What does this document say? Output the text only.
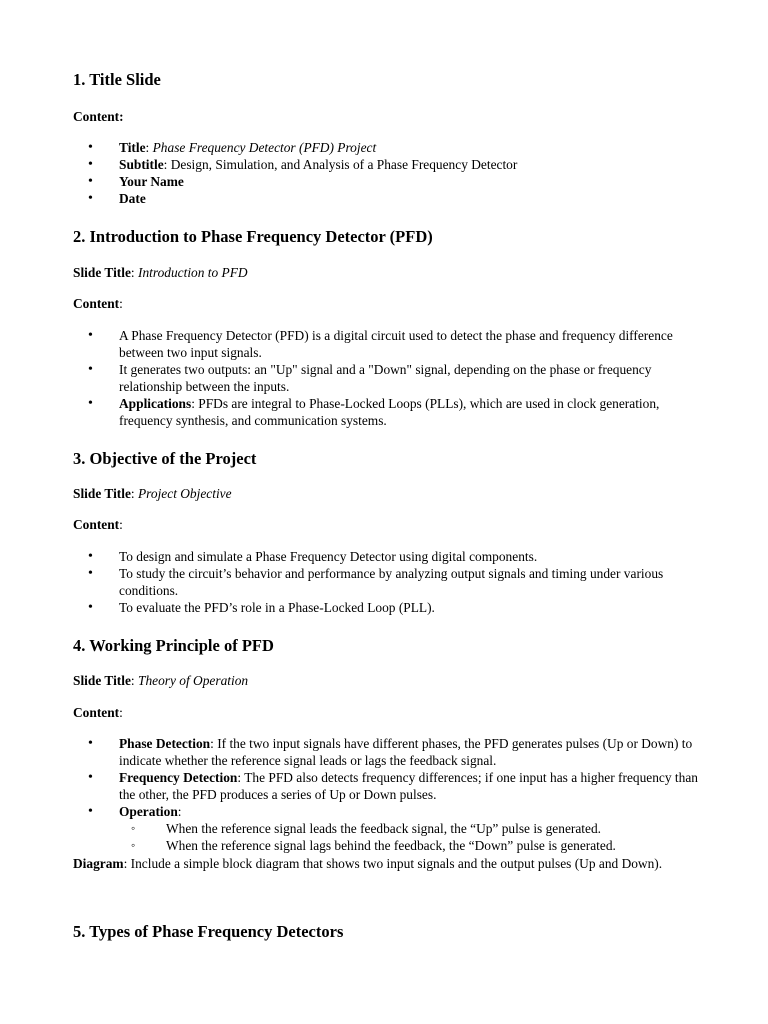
1. Title Slide

Content:

• Title: Phase Frequency Detector (PFD) Project
• Subtitle: Design, Simulation, and Analysis of a Phase Frequency Detector
• Your Name
• Date
2. Introduction to Phase Frequency Detector (PFD)

Slide Title: Introduction to PFD

Content:

• A Phase Frequency Detector (PFD) is a digital circuit used to detect the phase and frequency difference between two input signals.
• It generates two outputs: an "Up" signal and a "Down" signal, depending on the phase or frequency relationship between the inputs.
• Applications: PFDs are integral to Phase-Locked Loops (PLLs), which are used in clock generation, frequency synthesis, and communication systems.
3. Objective of the Project

Slide Title: Project Objective

Content:

• To design and simulate a Phase Frequency Detector using digital components.
• To study the circuit’s behavior and performance by analyzing output signals and timing under various conditions.
• To evaluate the PFD’s role in a Phase-Locked Loop (PLL).
4. Working Principle of PFD

Slide Title: Theory of Operation

Content:

• Phase Detection: If the two input signals have different phases, the PFD generates pulses (Up or Down) to indicate whether the reference signal leads or lags the feedback signal.
• Frequency Detection: The PFD also detects frequency differences; if one input has a higher frequency than the other, the PFD produces a series of Up or Down pulses.
• Operation:
◦ When the reference signal leads the feedback signal, the “Up” pulse is generated.
◦ When the reference signal lags behind the feedback, the “Down” pulse is generated.

Diagram: Include a simple block diagram that shows two input signals and the output pulses (Up and Down).

5. Types of Phase Frequency Detectors
